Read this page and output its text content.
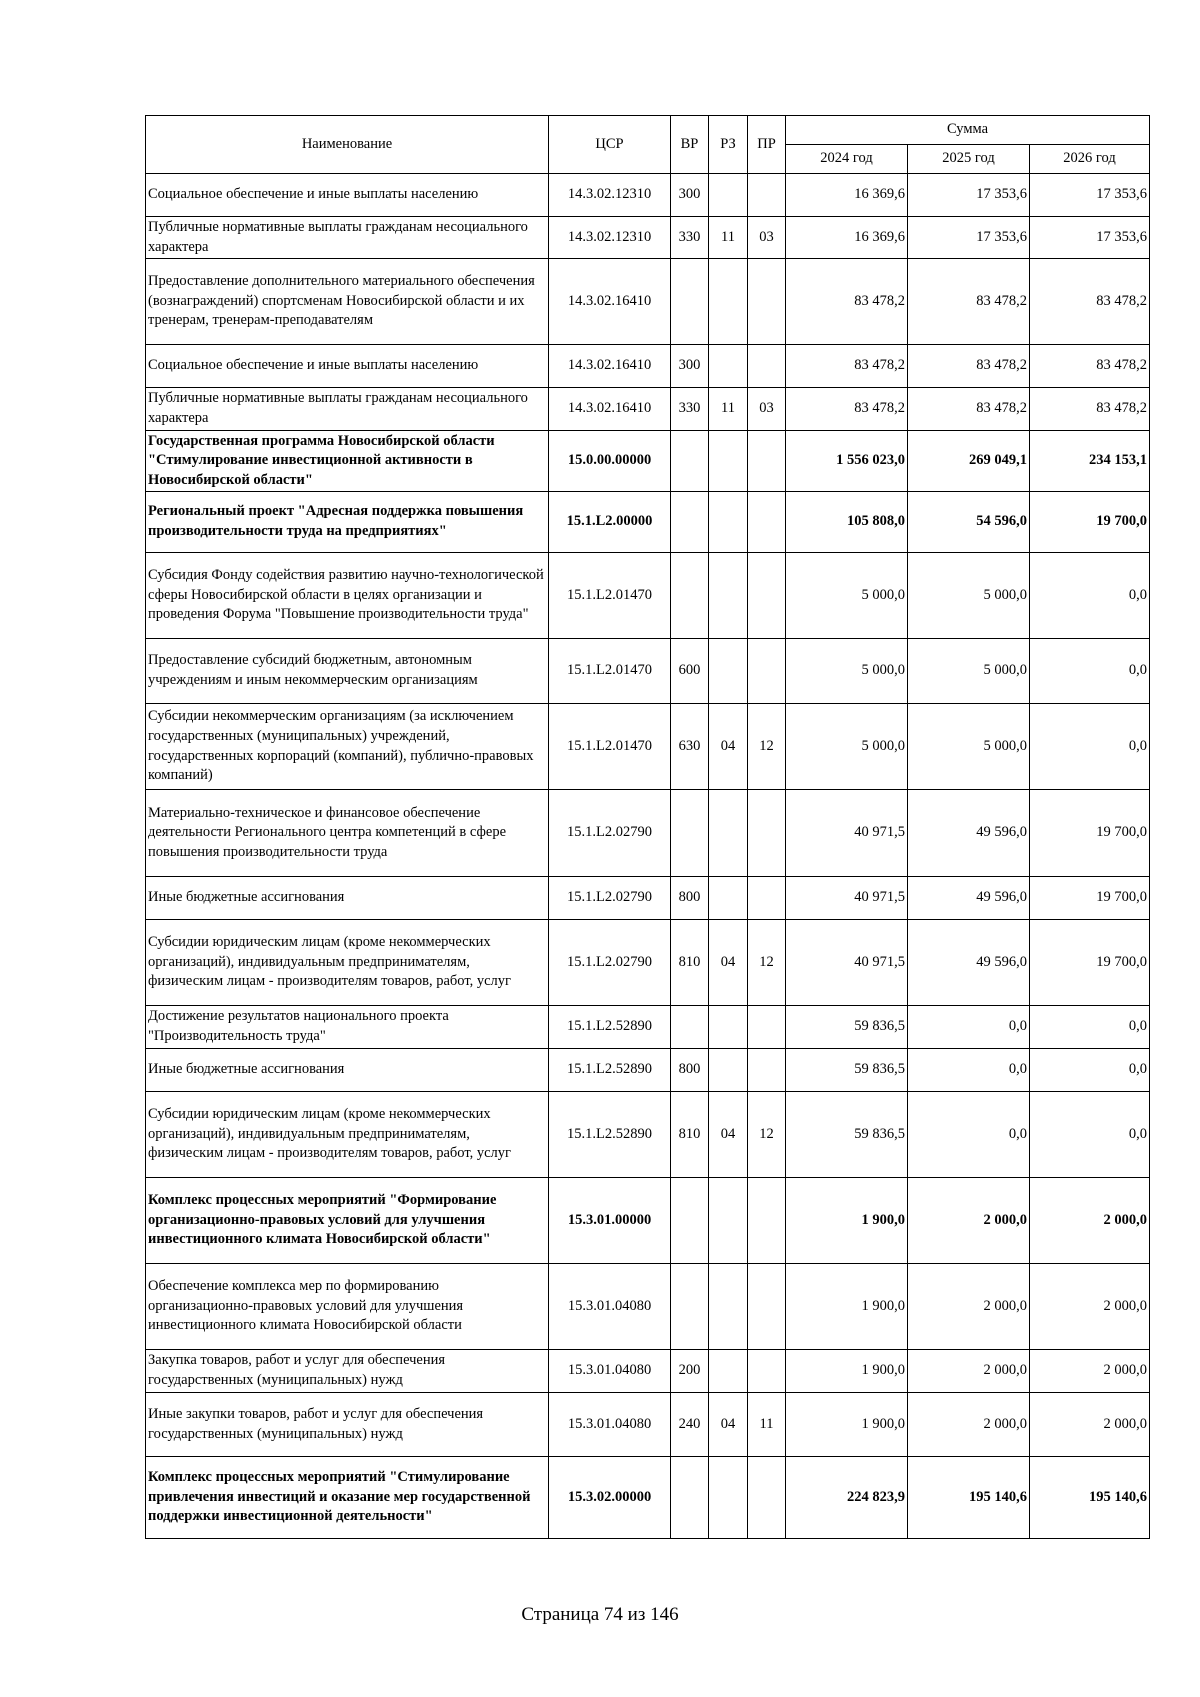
Наименование	ЦСР	ВР	РЗ	ПР	Сумма		
					2024 год	2025 год	2026 год
Социальное обеспечение и иные выплаты населению	14.3.02.12310	300			16 369,6	17 353,6	17 353,6
Публичные нормативные выплаты гражданам несоциального характера	14.3.02.12310	330	11	03	16 369,6	17 353,6	17 353,6
Предоставление дополнительного материального обеспечения (вознаграждений) спортсменам Новосибирской области и их тренерам, тренерам-преподавателям	14.3.02.16410				83 478,2	83 478,2	83 478,2
Социальное обеспечение и иные выплаты населению	14.3.02.16410	300			83 478,2	83 478,2	83 478,2
Публичные нормативные выплаты гражданам несоциального характера	14.3.02.16410	330	11	03	83 478,2	83 478,2	83 478,2
Государственная программа Новосибирской области "Стимулирование инвестиционной активности в Новосибирской области"	15.0.00.00000				1 556 023,0	269 049,1	234 153,1
Региональный проект "Адресная поддержка повышения производительности труда на предприятиях"	15.1.L2.00000				105 808,0	54 596,0	19 700,0
Субсидия Фонду содействия развитию научно-технологической сферы Новосибирской области в целях организации и проведения Форума "Повышение производительности труда"	15.1.L2.01470				5 000,0	5 000,0	0,0
Предоставление субсидий бюджетным, автономным учреждениям и иным некоммерческим организациям	15.1.L2.01470	600			5 000,0	5 000,0	0,0
Субсидии некоммерческим организациям (за исключением государственных (муниципальных) учреждений, государственных корпораций (компаний), публично-правовых компаний)	15.1.L2.01470	630	04	12	5 000,0	5 000,0	0,0
Материально-техническое и финансовое обеспечение деятельности Регионального центра компетенций в сфере повышения производительности труда	15.1.L2.02790				40 971,5	49 596,0	19 700,0
Иные бюджетные ассигнования	15.1.L2.02790	800			40 971,5	49 596,0	19 700,0
Субсидии юридическим лицам (кроме некоммерческих организаций), индивидуальным предпринимателям, физическим лицам - производителям товаров, работ, услуг	15.1.L2.02790	810	04	12	40 971,5	49 596,0	19 700,0
Достижение результатов национального проекта "Производительность труда"	15.1.L2.52890				59 836,5	0,0	0,0
Иные бюджетные ассигнования	15.1.L2.52890	800			59 836,5	0,0	0,0
Субсидии юридическим лицам (кроме некоммерческих организаций), индивидуальным предпринимателям, физическим лицам - производителям товаров, работ, услуг	15.1.L2.52890	810	04	12	59 836,5	0,0	0,0
Комплекс процессных мероприятий "Формирование организационно-правовых условий для улучшения инвестиционного климата Новосибирской области"	15.3.01.00000				1 900,0	2 000,0	2 000,0
Обеспечение комплекса мер по формированию организационно-правовых условий для улучшения инвестиционного климата Новосибирской области	15.3.01.04080				1 900,0	2 000,0	2 000,0
Закупка товаров, работ и услуг для обеспечения государственных (муниципальных) нужд	15.3.01.04080	200			1 900,0	2 000,0	2 000,0
Иные закупки товаров, работ и услуг для обеспечения государственных (муниципальных) нужд	15.3.01.04080	240	04	11	1 900,0	2 000,0	2 000,0
Комплекс процессных мероприятий "Стимулирование привлечения инвестиций и оказание мер государственной поддержки инвестиционной деятельности"	15.3.02.00000				224 823,9	195 140,6	195 140,6
Страница 74 из 146
